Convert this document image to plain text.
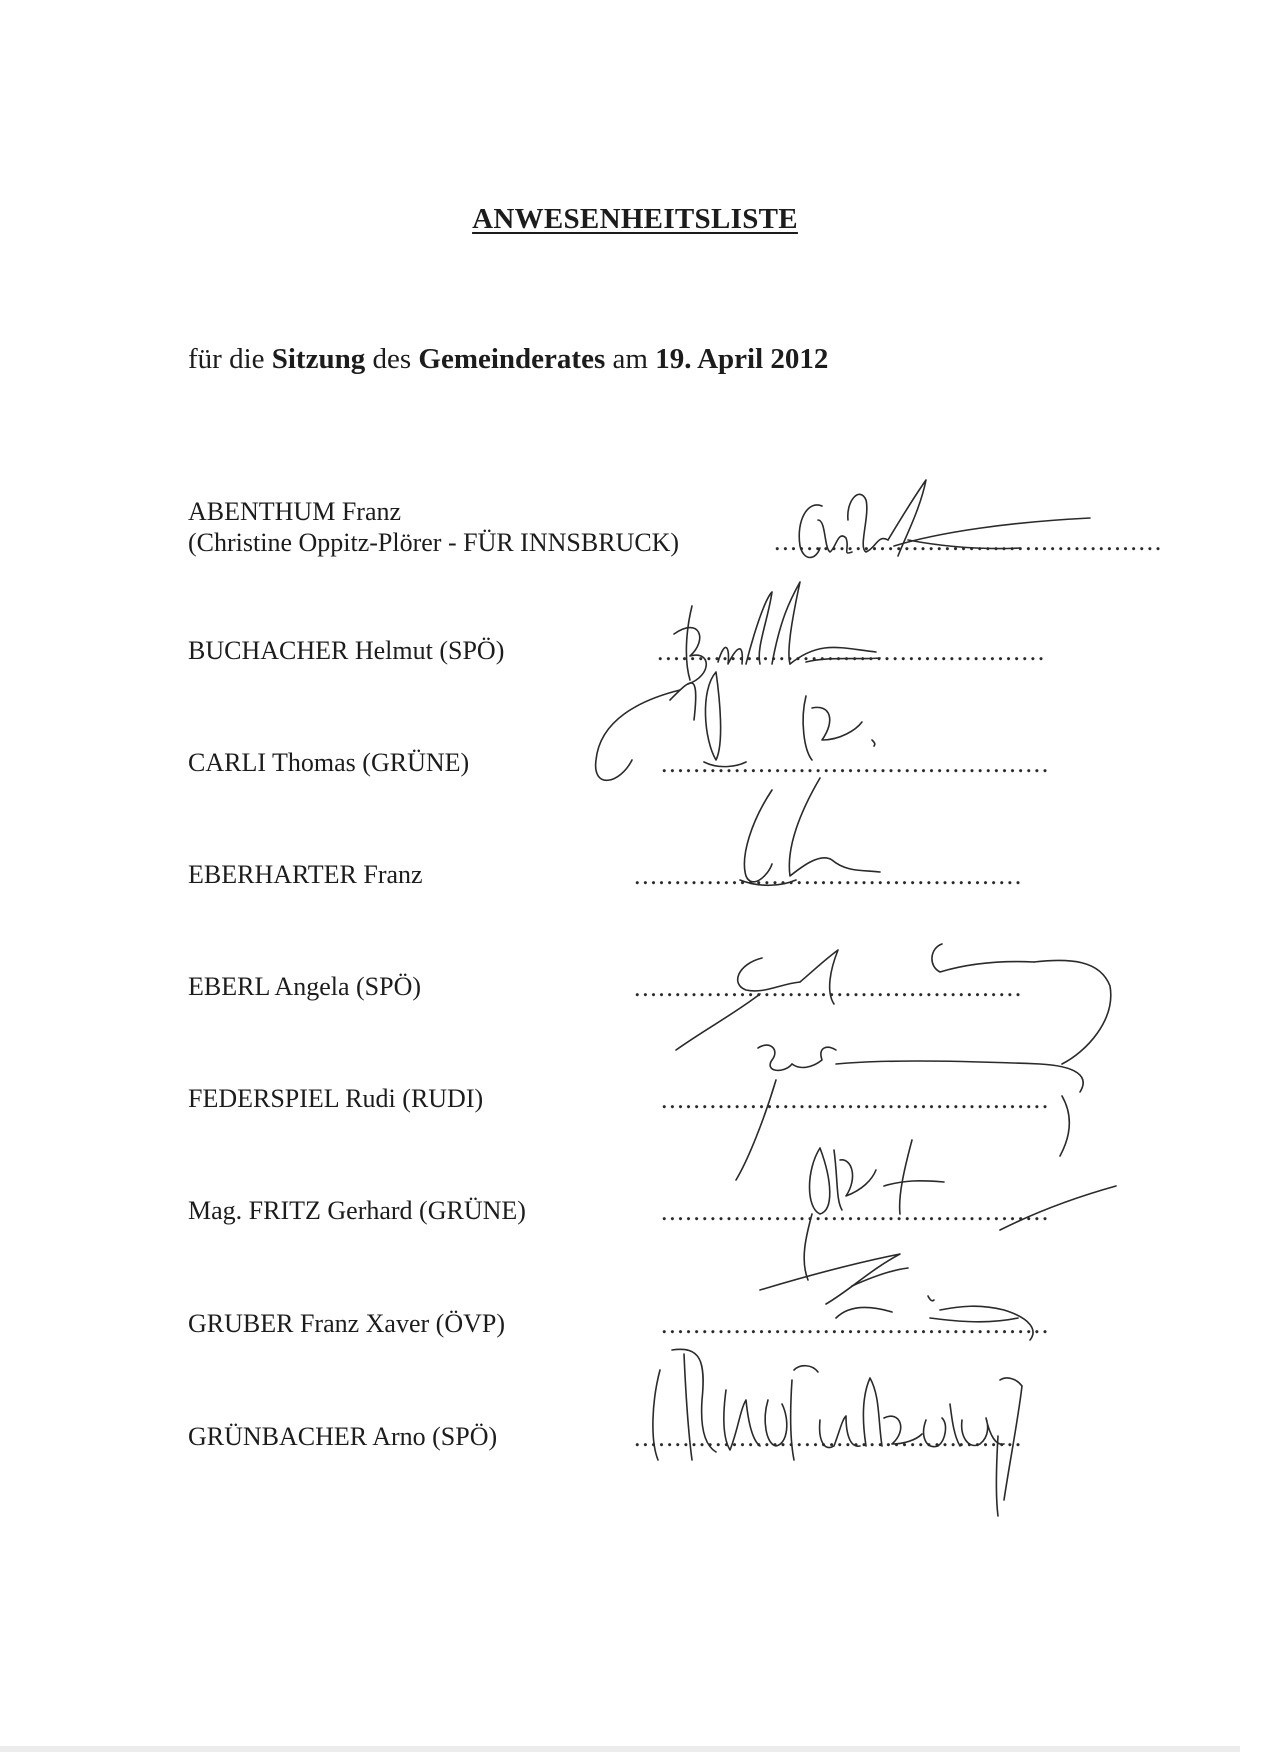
ANWESENHEITSLISTE
für die Sitzung des Gemeinderates am 19. April 2012
ABENTHUM Franz
(Christine Oppitz-Plörer - FÜR INNSBRUCK)	................................................
BUCHACHER Helmut (SPÖ)	................................................
CARLI Thomas (GRÜNE)	................................................
EBERHARTER Franz	................................................
EBERL Angela (SPÖ)	................................................
FEDERSPIEL Rudi (RUDI)	................................................
Mag. FRITZ Gerhard (GRÜNE)	................................................
GRUBER Franz Xaver (ÖVP)	................................................
GRÜNBACHER Arno (SPÖ)	................................................
